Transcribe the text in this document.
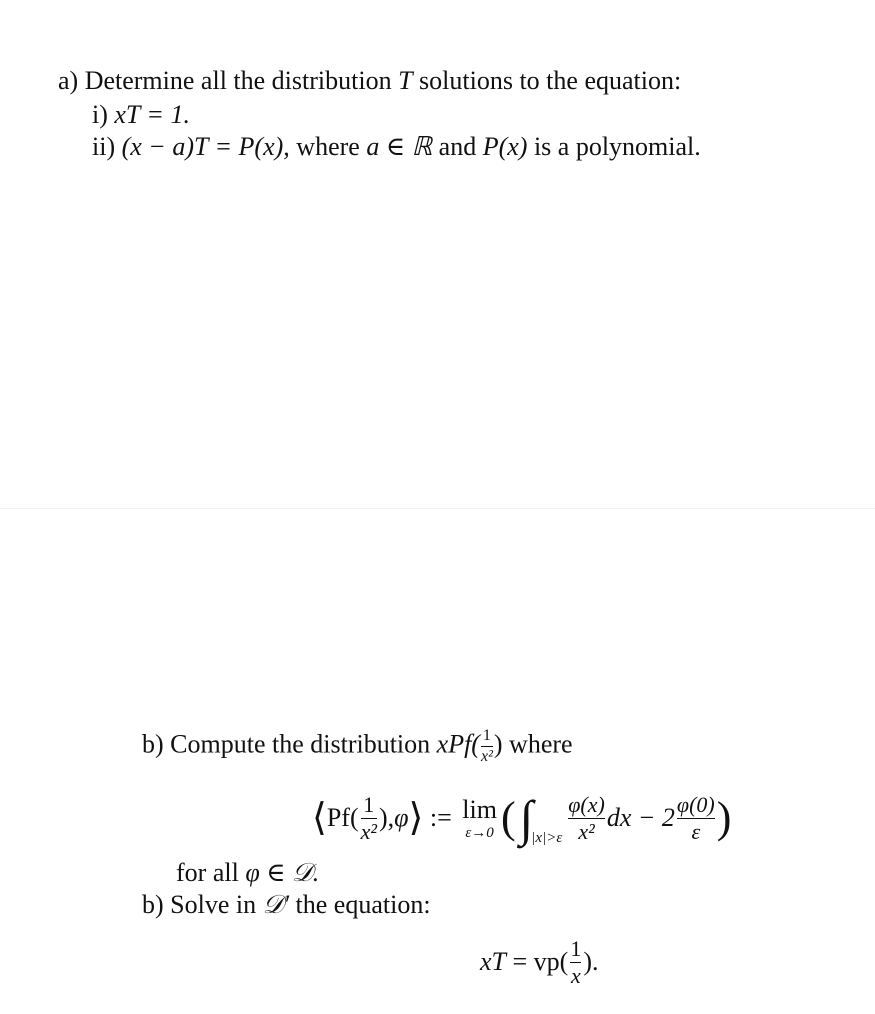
a) Determine all the distribution T solutions to the equation:
i) xT = 1.
ii) (x − a)T = P(x), where a ∈ ℝ and P(x) is a polynomial.
b) Compute the distribution $xPf( \frac{1}{\text{x²}}$ ) where
⟨ $Pf( \frac{1}{\text{x²}}$ ), φ ⟩ := lim
ε→0 ( ∫
$|x|>\varepsilon \frac{\varphi(x)}{\text{x²}}$ dx − $2 \frac{\varphi(0)}{\varepsilon}$ )
for all φ ∈ 𝒟.
b) Solve in 𝒟′ the equation:
xT = $vp( \frac{1}{x}$ ).
